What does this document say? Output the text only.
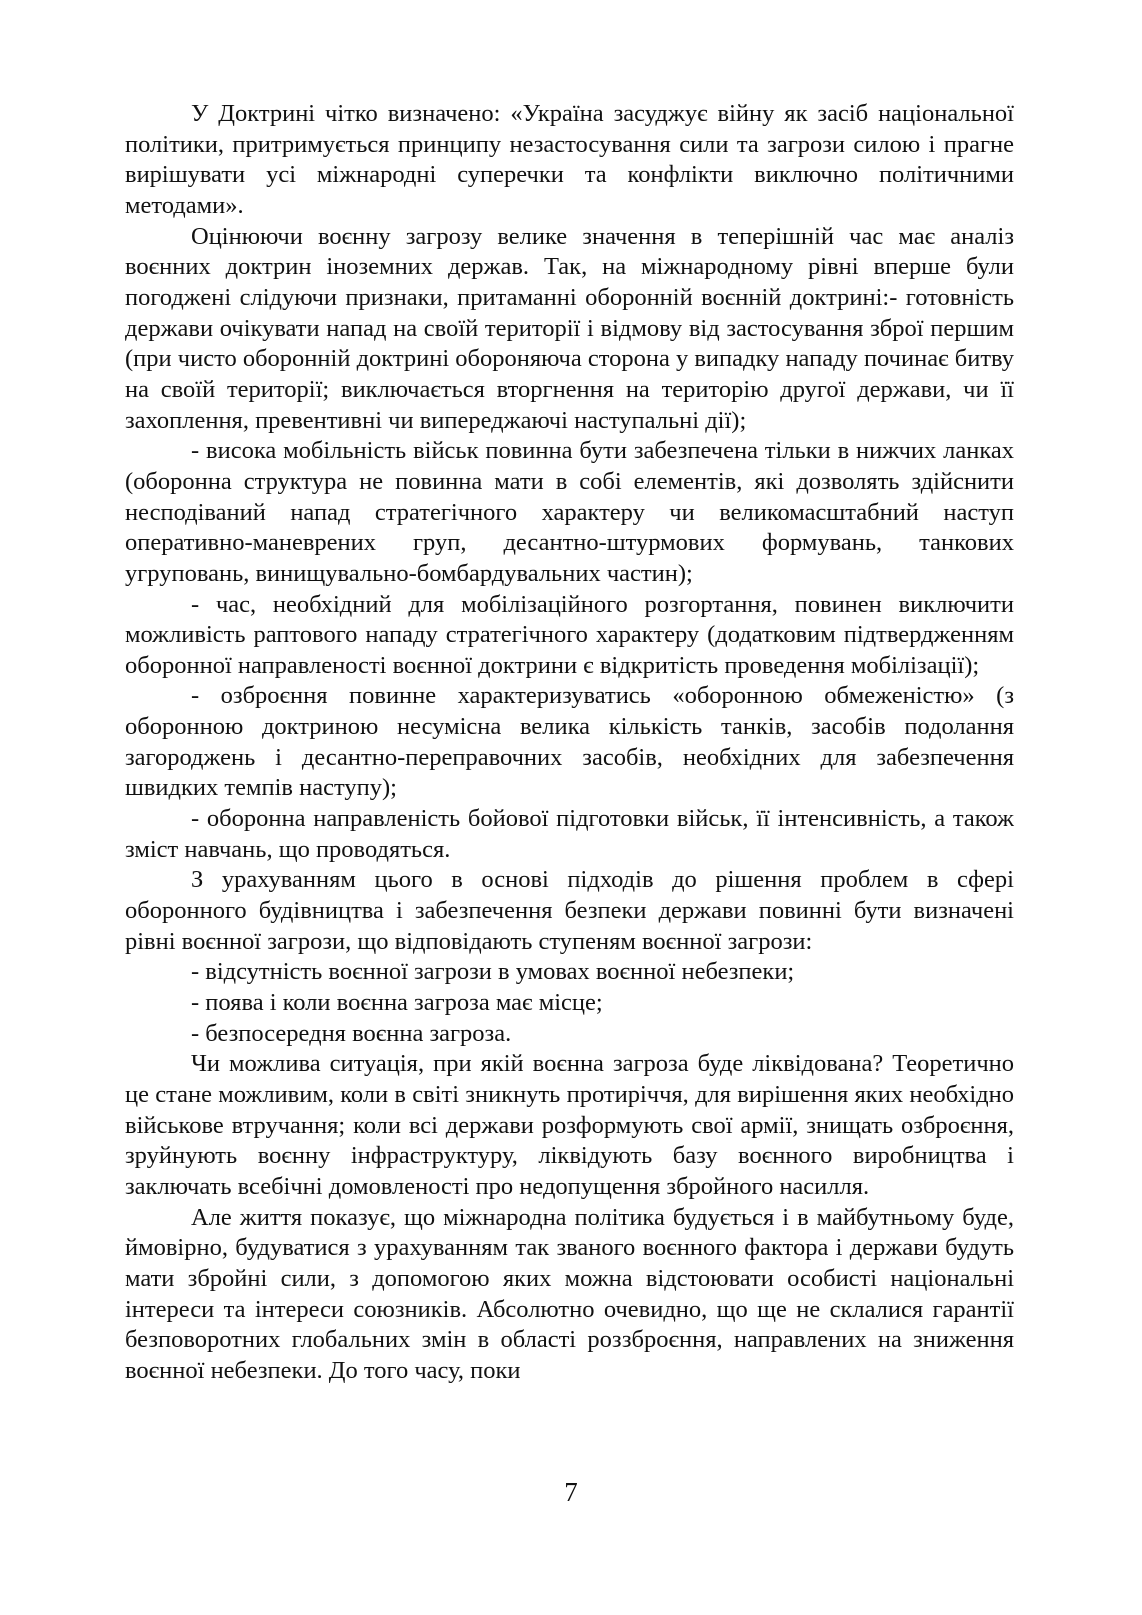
У Доктрині чітко визначено: «Україна засуджує війну як засіб національної політики, притримується принципу незастосування сили та загрози силою і прагне вирішувати усі міжнародні суперечки та конфлікти виключно політичними методами».

Оцінюючи воєнну загрозу велике значення в теперішній час має аналіз воєнних доктрин іноземних держав. Так, на міжнародному рівні вперше були погоджені слідуючи признаки, притаманні оборонній воєнній доктрині:- готовність держави очікувати напад на своїй території і відмову від застосування зброї першим (при чисто оборонній доктрині обороняюча сторона у випадку нападу починає битву на своїй території; виключається вторгнення на територію другої держави, чи її захоплення, превентивні чи випереджаючі наступальні дії);

- висока мобільність військ повинна бути забезпечена тільки в нижчих ланках (оборонна структура не повинна мати в собі елементів, які дозволять здійснити несподіваний напад стратегічного характеру чи великомасштабний наступ оперативно-маневрених груп, десантно-штурмових формувань, танкових угруповань, винищувально-бомбардувальних частин);

- час, необхідний для мобілізаційного розгортання, повинен виключити можливість раптового нападу стратегічного характеру (додатковим підтвердженням оборонної направленості воєнної доктрини є відкритість проведення мобілізації);

- озброєння повинне характеризуватись «оборонною обмеженістю» (з оборонною доктриною несумісна велика кількість танків, засобів подолання загороджень і десантно-переправочних засобів, необхідних для забезпечення швидких темпів наступу);

- оборонна направленість бойової підготовки військ, її інтенсивність, а також зміст навчань, що проводяться.

З урахуванням цього в основі підходів до рішення проблем в сфері оборонного будівництва і забезпечення безпеки держави повинні бути визначені рівні воєнної загрози, що відповідають ступеням воєнної загрози:

- відсутність воєнної загрози в умовах воєнної небезпеки;

- поява і коли воєнна загроза має місце;

- безпосередня воєнна загроза.

Чи можлива ситуація, при якій воєнна загроза буде ліквідована? Теоретично це стане можливим, коли в світі зникнуть протиріччя, для вирішення яких необхідно військове втручання; коли всі держави розформують свої армії, знищать озброєння, зруйнують воєнну інфраструктуру, ліквідують базу воєнного виробництва і заключать всебічні домовленості про недопущення збройного насилля.

Але життя показує, що міжнародна політика будується і в майбутньому буде, ймовірно, будуватися з урахуванням так званого воєнного фактора і держави будуть мати збройні сили, з допомогою яких можна відстоювати особисті національні інтереси та інтереси союзників. Абсолютно очевидно, що ще не склалися гарантії безповоротних глобальних змін в області роззброєння, направлених на зниження воєнної небезпеки. До того часу, поки

7
